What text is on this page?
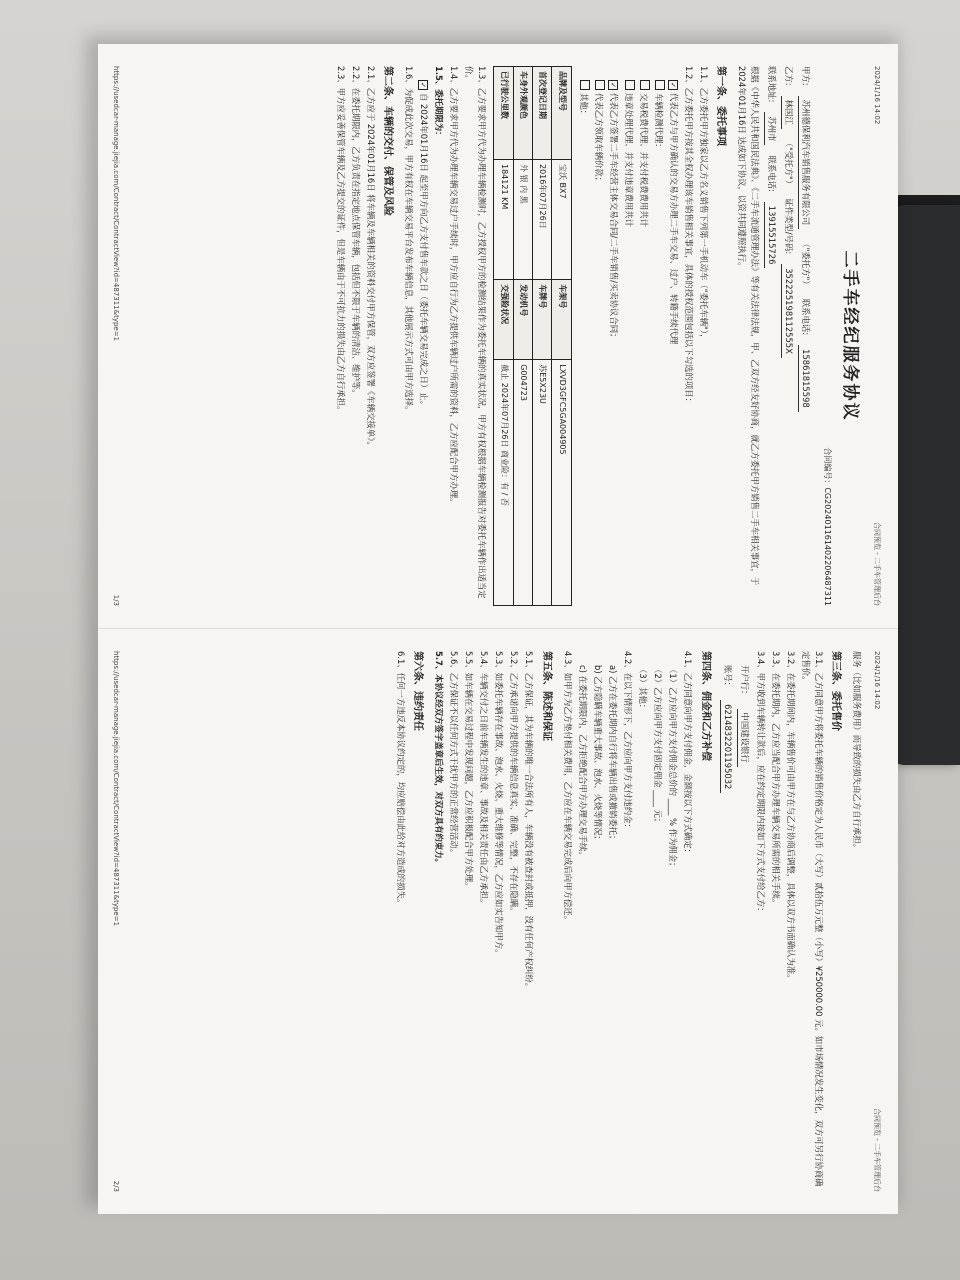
2024/1/16 14:02
合同预览 - 二手车管理后台
二手车经纪服务协议
合同编号：CG202401161402206487311
甲方:
苏州德保利汽车销售服务有限公司
（"委托方"）
联系电话:
15861815598
乙方:
林国江
（"受托方"）
证件类型/号码:
352225198112555X
联系地址:
苏州市
联系电话:
13915515726
根据《中华人民共和国民法典》、《二手车流通管理办法》等有关法律法规，甲、乙双方经友好协商，就乙方委托甲方销售二手车相关事宜，于 2024年01月16日 达成如下协议，以资共同遵照执行。
第一条、委托事项
1.1、乙方委托甲方独家以乙方名义销售下列第一手机动车（"委托车辆"），
1.2、乙方委托甲方按其全权办理该车销售相关事宜，具体的授权范围包括以下勾选的项目：
✓代表乙方与甲方确认的交易方办理二手车交易、过户、转籍手续代理
车辆检测代理：
交易税费代理、并支付税费费用共计
违章处理代理、并支付违章费用共计
✓代表乙方签署二手车经营主体交易合同/二手车销售/买卖协议合同；
代表乙方领取车辆价款；
其他：
品牌及型号	宝沃 BX7	车架号	LXVD3GFC5GA004905
首次登记日期	2016年07月26日	车牌号	苏E5X23U
车身外观颜色	外 银 内 黑	发动机号	G004723
已行驶公里数	184121 KM	交强险状况	截止 2024年07月26日 商业险：有 / 否
1.3、乙方要求甲方代为办理车辆检测时，乙方授权甲方的检测结果作为委托车辆的真实状况，甲方有权根据车辆检测报告对委托车辆作出适当定价。
1.4、乙方要求甲方代为办理车辆交易过户手续时，甲方应自行为乙方提供车辆过户所需的资料，乙方应配合甲方办理。
1.5、委托期限为：
✓自 2024年01月16日 起至甲方向乙方支付售车款之日（委托车辆交易完成之日）止。
1.6、为促成此次交易，甲方有权在车辆交易平台发布车辆信息，其他展示方式可由甲方选择。
第二条、车辆的交付、保管及风险
2.1、乙方应于 2024年01月16日 将车辆及车辆相关的资料交付甲方保管，双方应签署《车辆交接单》。
2.2、在委托期限内，乙方负责在指定地点保管车辆，包括但不限于车辆的清洁、维护等。
2.3、甲方应妥善保管车辆及乙方提交的证件，但是车辆由于不可抗力的损失由乙方自行承担。
https://usedcar-manage.jiejia.com/Contract/ContractView?id=487311&type=1
1/3
2024/1/16 14:02
合同预览 - 二手车管理后台
服务（比如服务费用）而导致的损失由乙方自行承担。
第三条、委托售价
3.1、乙方同意甲方将委托车辆的销售价格定为人民币（大写）贰拾伍万元整（小写）¥250000.00 元。如市场情况发生变化，双方可另行协商确定售价。
3.2、在委托期间内，车辆售价可由甲方在与乙方协商后调整，具体以双方书面确认为准。
3.3、在委托期内，乙方应当配合甲方办理车辆交易所需的相关手续。
3.4、甲方收到车辆转让款后，应在约定期限内按如下方式支付给乙方：
开户行：
中国建设银行
账号：
6214832201195032
第四条、佣金和乙方补偿
4.1、乙方同意向甲方支付佣金，金额按以下方式确定：
（1）乙方应向甲方支付佣金总价的 ____ % 作为佣金；
（2）乙方应向甲方支付固定佣金 ____ 元；
（3）其他：
4.2、在以下情形下，乙方应向甲方支付违约金：
a) 乙方在委托期内自行将车辆出售或撤销委托；
b) 乙方隐瞒车辆重大事故、泡水、火烧等情况；
c) 在委托期限内，乙方拒绝配合甲方办理交易手续。
4.3、如甲方为乙方垫付相关费用，乙方应在车辆交易完成后向甲方偿还。
第五条、陈述和保证
5.1、乙方保证，其为车辆的唯一合法所有人，车辆没有被查封或抵押，没有任何产权纠纷。
5.2、乙方承诺向甲方提供的车辆信息真实、准确、完整，不存在隐瞒。
5.3、如委托车辆存在事故、泡水、火烧、重大维修等情况，乙方应如实告知甲方。
5.4、车辆交付之日前车辆发生的违章、事故及相关责任由乙方承担。
5.5、如车辆在交易过程中发现问题，乙方应积极配合甲方处理。
5.6、乙方保证不以任何方式干扰甲方的正常经营活动。
5.7、本协议经双方签字盖章后生效，对双方具有约束力。
第六条、违约责任
6.1、任何一方违反本协议约定的，均应赔偿由此给对方造成的损失。
https://usedcar-manage.jiejia.com/Contract/ContractView?id=487311&type=1
2/3
